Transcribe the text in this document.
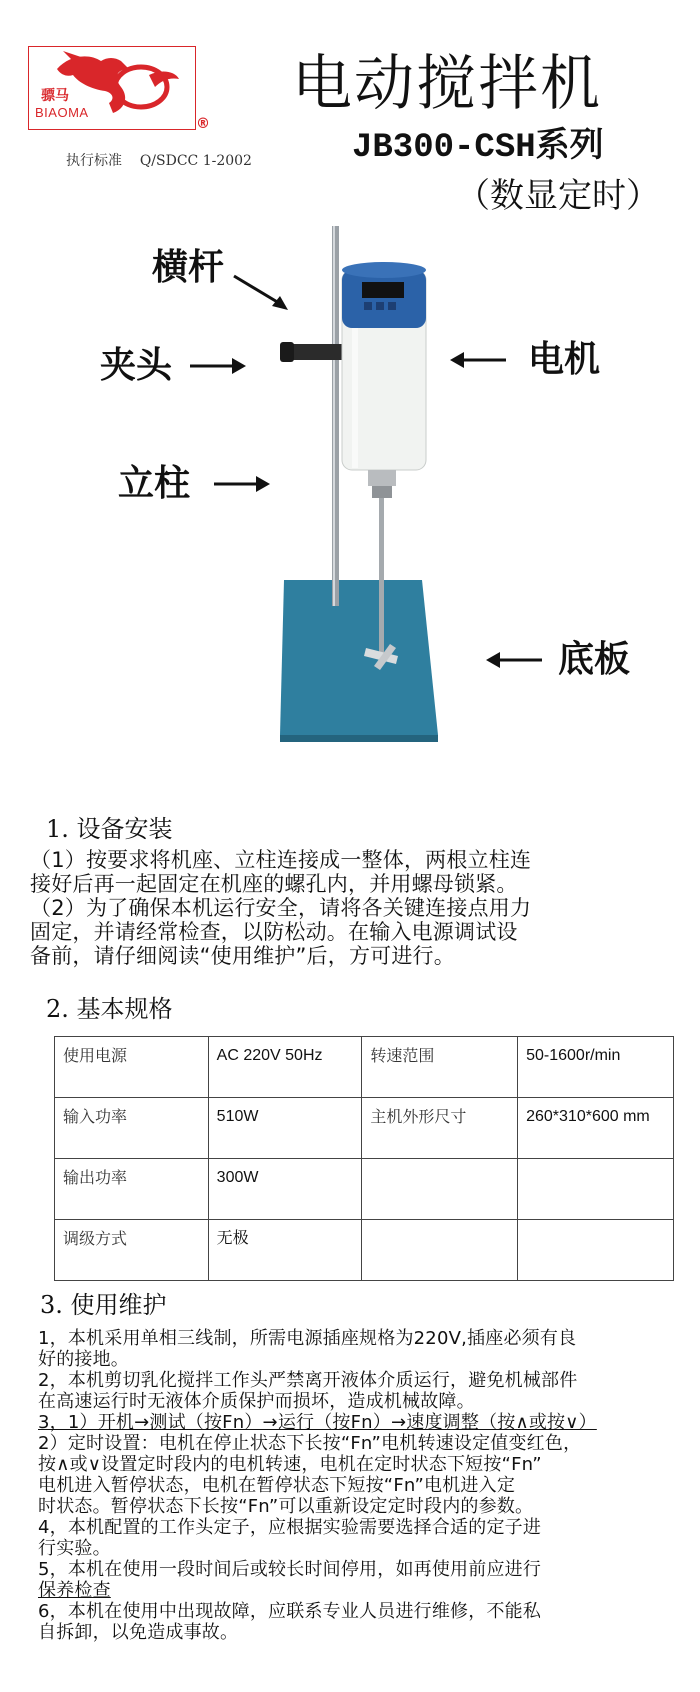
骠马
BIAOMA
®
执行标准 Q/SDCC 1-2002
电动搅拌机
JB300-CSH系列
（数显定时）
横杆
夹头	电机
立柱
底板
1. 设备安装
（1）按要求将机座、立柱连接成一整体，两根立柱连
接好后再一起固定在机座的螺孔内，并用螺母锁紧。
（2）为了确保本机运行安全，请将各关键连接点用力
固定，并请经常检查，以防松动。在输入电源调试设
备前，请仔细阅读“使用维护”后，方可进行。
2. 基本规格
使用电源	AC 220V 50Hz	转速范围	50-1600r/min
输入功率	510W	主机外形尺寸	260*310*600 mm
输出功率	300W		
调级方式	无极		
3. 使用维护
1，本机采用单相三线制，所需电源插座规格为220V,插座必须有良
好的接地。
2，本机剪切乳化搅拌工作头严禁离开液体介质运行，避免机械部件
在高速运行时无液体介质保护而损坏，造成机械故障。
3，1）开机→测试（按Fn）→运行（按Fn）→速度调整（按∧或按∨）
2）定时设置：电机在停止状态下长按“Fn”电机转速设定值变红色，
按∧或∨设置定时段内的电机转速，电机在定时状态下短按“Fn”
电机进入暂停状态，电机在暂停状态下短按“Fn”电机进入定
时状态。暂停状态下长按“Fn”可以重新设定定时段内的参数。
4，本机配置的工作头定子，应根据实验需要选择合适的定子进
行实验。
5，本机在使用一段时间后或较长时间停用，如再使用前应进行
保养检查
6，本机在使用中出现故障，应联系专业人员进行维修，不能私
自拆卸，以免造成事故。
